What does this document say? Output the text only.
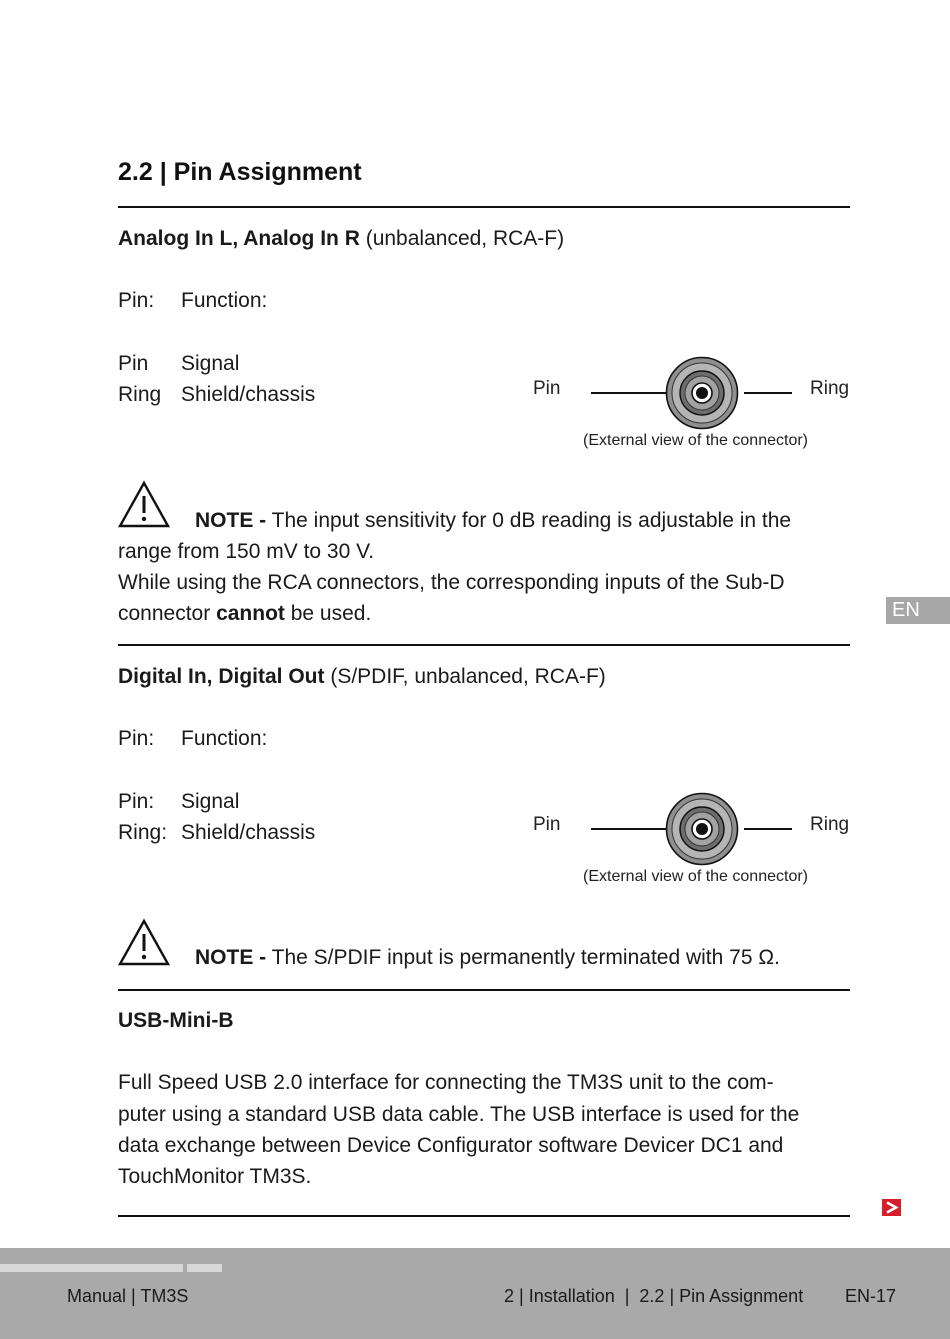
2.2 | Pin Assignment
Analog In L, Analog In R (unbalanced, RCA-F)
Pin: Function:
Pin Signal
Ring Shield/chassis	Pin	Ring
(External view of the connector)
NOTE - The input sensitivity for 0 dB reading is adjustable in the
range from 150 mV to 30 V.
While using the RCA connectors, the corresponding inputs of the Sub-D
connector cannot be used.
Digital In, Digital Out (S/PDIF, unbalanced, RCA-F)
Pin: Function:
Pin: Signal
Ring: Shield/chassis	Pin	Ring
(External view of the connector)
NOTE - The S/PDIF input is permanently terminated with 75 Ω.
USB-Mini-B
Full Speed USB 2.0 interface for connecting the TM3S unit to the com-
puter using a standard USB data cable. The USB interface is used for the
data exchange between Device Configurator software Devicer DC1 and
TouchMonitor TM3S.
EN
Manual | TM3S	2 | Installation  |  2.2 | Pin Assignment EN-17
